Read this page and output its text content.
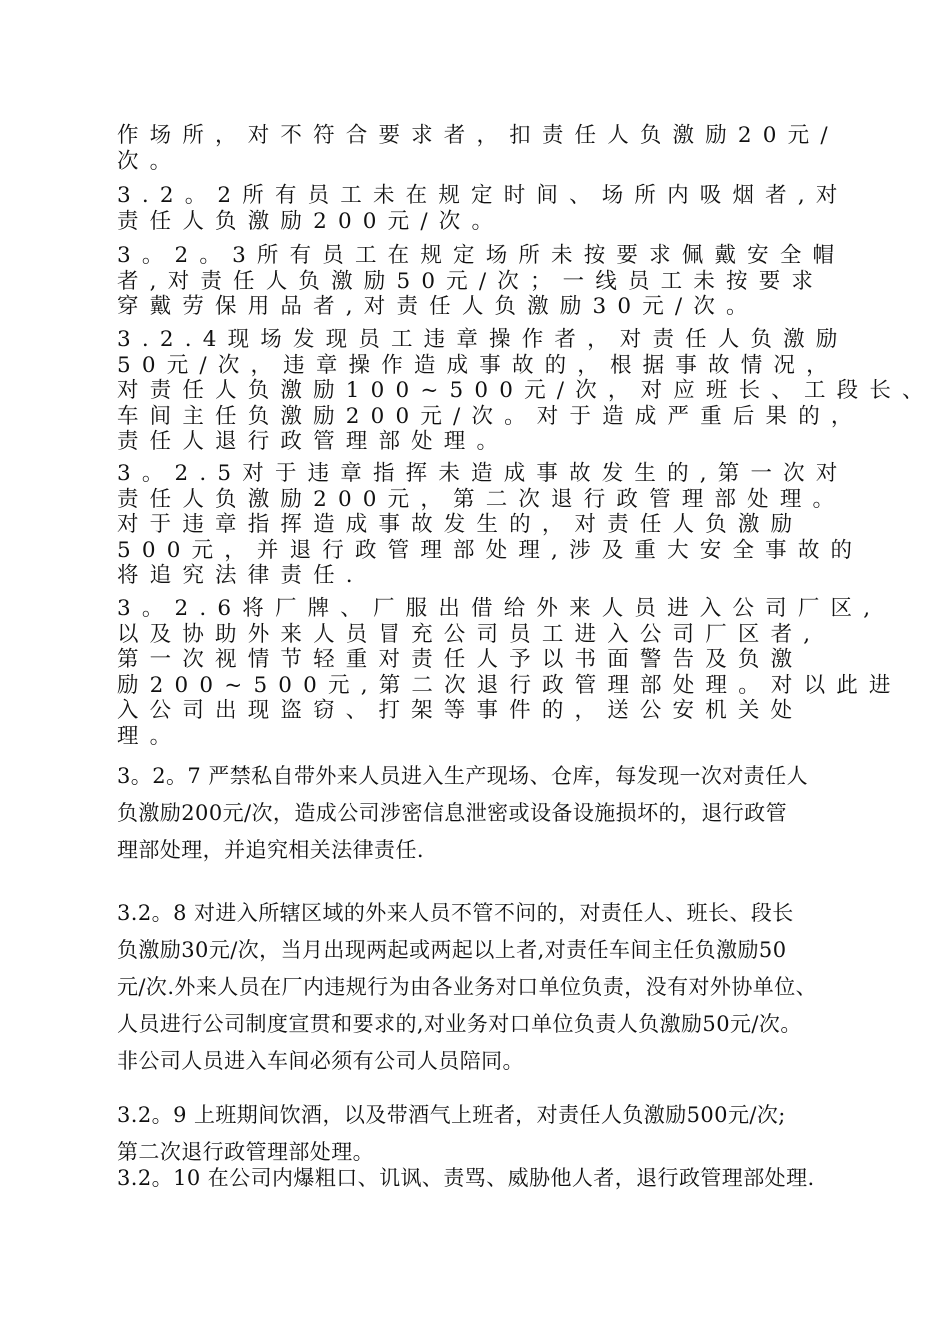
作场所，对不符合要求者，扣责任人负激励20元/
次。
3.2。2所有员工未在规定时间、场所内吸烟者,对
责任人负激励200元/次。
3。2。3所有员工在规定场所未按要求佩戴安全帽
者,对责任人负激励50元/次；一线员工未按要求
穿戴劳保用品者,对责任人负激励30元/次。
3.2.4现场发现员工违章操作者，对责任人负激励
50元/次，违章操作造成事故的，根据事故情况，
对责任人负激励100~500元/次，对应班长、工段长、
车间主任负激励200元/次。对于造成严重后果的，
责任人退行政管理部处理。
3。2.5对于违章指挥未造成事故发生的,第一次对
责任人负激励200元，第二次退行政管理部处理。
对于违章指挥造成事故发生的，对责任人负激励
500元，并退行政管理部处理,涉及重大安全事故的
将追究法律责任.
3。2.6将厂牌、厂服出借给外来人员进入公司厂区,
以及协助外来人员冒充公司员工进入公司厂区者,
第一次视情节轻重对责任人予以书面警告及负激
励200~500元,第二次退行政管理部处理。对以此进
入公司出现盗窃、打架等事件的，送公安机关处
理。
3。2。7 严禁私自带外来人员进入生产现场、仓库，每发现一次对责任人
负激励200元/次，造成公司涉密信息泄密或设备设施损坏的，退行政管
理部处理，并追究相关法律责任.
3.2。8 对进入所辖区域的外来人员不管不问的，对责任人、班长、段长
负激励30元/次，当月出现两起或两起以上者,对责任车间主任负激励50
元/次.外来人员在厂内违规行为由各业务对口单位负责，没有对外协单位、
人员进行公司制度宣贯和要求的,对业务对口单位负责人负激励50元/次。
非公司人员进入车间必须有公司人员陪同。
3.2。9 上班期间饮酒，以及带酒气上班者，对责任人负激励500元/次;
第二次退行政管理部处理。
3.2。10 在公司内爆粗口、讥讽、责骂、威胁他人者，退行政管理部处理.
